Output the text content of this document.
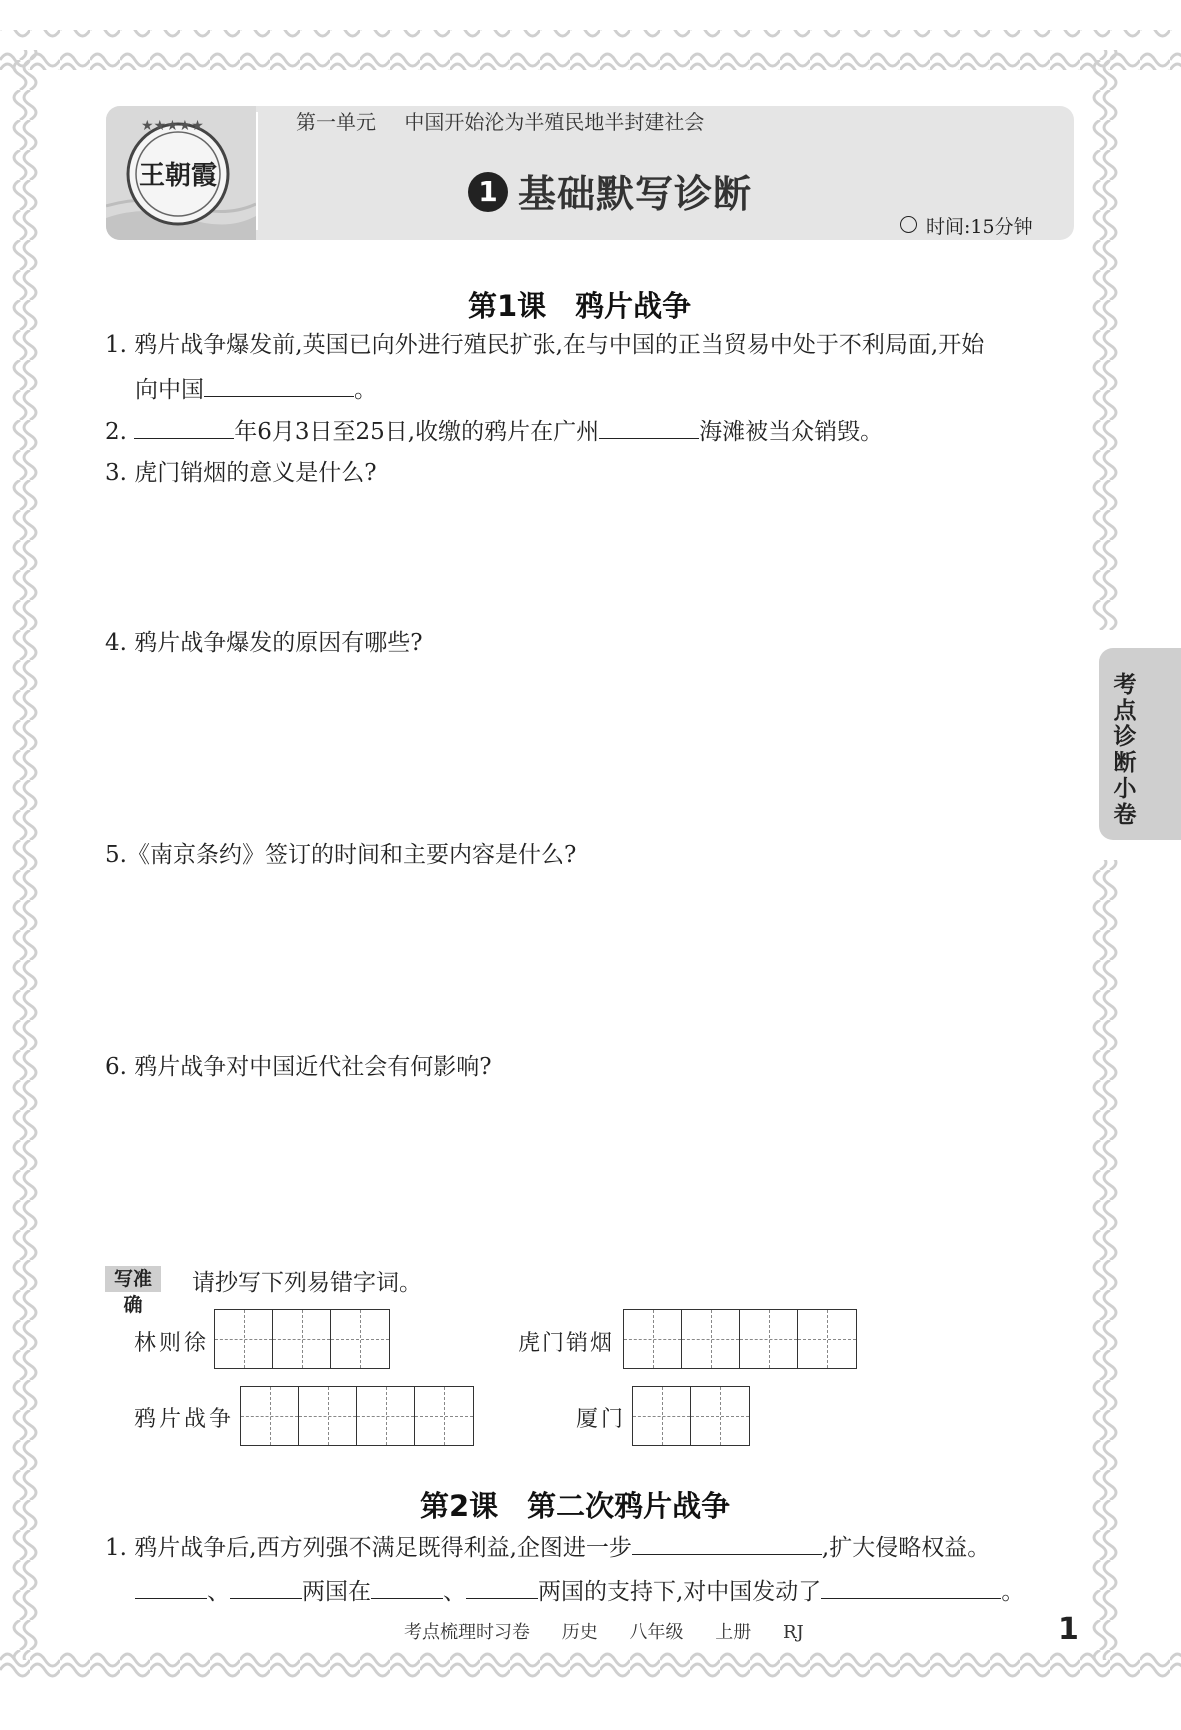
★★★★★
王朝霞
第一单元 中国开始沦为半殖民地半封建社会
1 基础默写诊断
时间:15分钟
考点诊断小卷
第1课　鸦片战争
1. 鸦片战争爆发前,英国已向外进行殖民扩张,在与中国的正当贸易中处于不利局面,开始
向中国	。
2.	年6月3日至25日,收缴的鸦片在广州	海滩被当众销毁。
3. 虎门销烟的意义是什么?
4. 鸦片战争爆发的原因有哪些?
5.《南京条约》签订的时间和主要内容是什么?
6. 鸦片战争对中国近代社会有何影响?
写准确
请抄写下列易错字词。
林则徐	虎门销烟
鸦片战争	厦门
第2课　第二次鸦片战争
1. 鸦片战争后,西方列强不满足既得利益,企图进一步	,扩大侵略权益。
、	两国在	、	两国的支持下,对中国发动了	。
考点梳理时习卷 历史 八年级 上册 RJ	1
